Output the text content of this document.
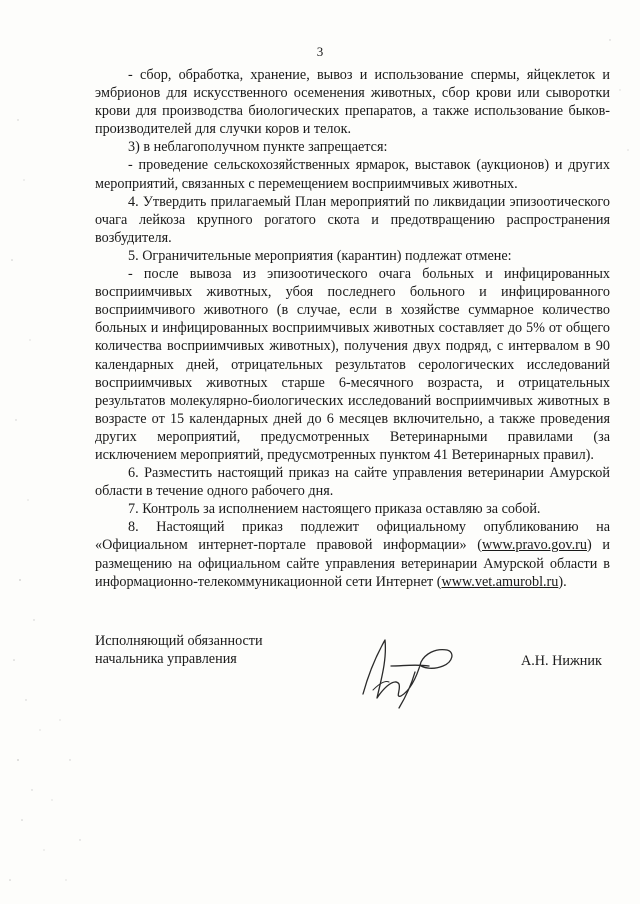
3

- сбор, обработка, хранение, вывоз и использование спермы, яйцеклеток и эмбрионов для искусственного осеменения животных, сбор крови или сыворотки крови для производства биологических препаратов, а также использование быков-производителей для случки коров и телок.

3) в неблагополучном пункте запрещается:

- проведение сельскохозяйственных ярмарок, выставок (аукционов) и других мероприятий, связанных с перемещением восприимчивых животных.

4. Утвердить прилагаемый План мероприятий по ликвидации эпизоотического очага лейкоза крупного рогатого скота и предотвращению распространения возбудителя.

5. Ограничительные мероприятия (карантин) подлежат отмене:

- после вывоза из эпизоотического очага больных и инфицированных восприимчивых животных, убоя последнего больного и инфицированного восприимчивого животного (в случае, если в хозяйстве суммарное количество больных и инфицированных восприимчивых животных составляет до 5% от общего количества восприимчивых животных), получения двух подряд, с интервалом в 90 календарных дней, отрицательных результатов серологических исследований восприимчивых животных старше 6-месячного возраста, и отрицательных результатов молекулярно-биологических исследований восприимчивых животных в возрасте от 15 календарных дней до 6 месяцев включительно, а также проведения других мероприятий, предусмотренных Ветеринарными правилами (за исключением мероприятий, предусмотренных пунктом 41 Ветеринарных правил).

6. Разместить настоящий приказ на сайте управления ветеринарии Амурской области в течение одного рабочего дня.

7. Контроль за исполнением настоящего приказа оставляю за собой.

8. Настоящий приказ подлежит официальному опубликованию на «Официальном интернет-портале правовой информации» (www.pravo.gov.ru) и размещению на официальном сайте управления ветеринарии Амурской области в информационно-телекоммуникационной сети Интернет (www.vet.amurobl.ru).

Исполняющий обязанности
начальника управления	А.Н. Нижник
